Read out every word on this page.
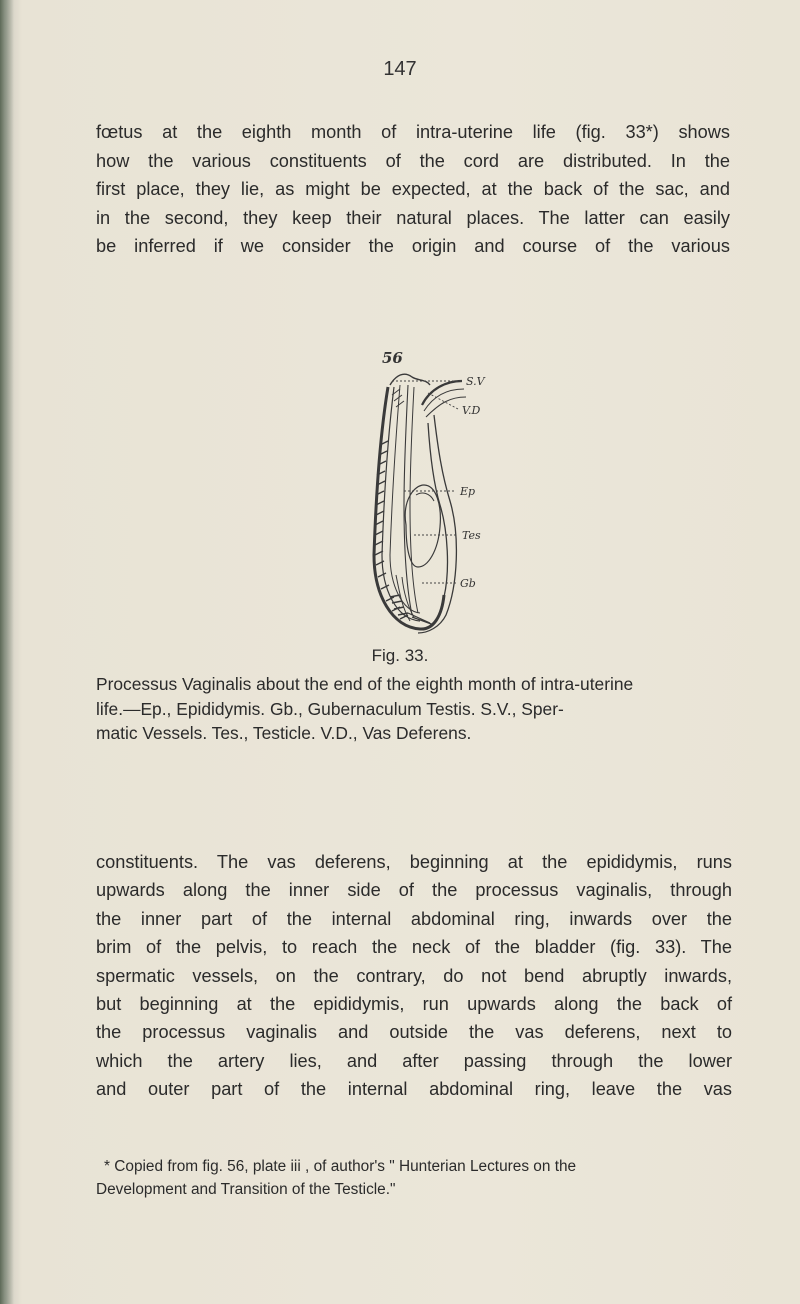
147
fœtus at the eighth month of intra-uterine life (fig. 33*) shows
how the various constituents of the cord are distributed. In the
first place, they lie, as might be expected, at the back of the sac, and
in the second, they keep their natural places. The latter can easily
be inferred if we consider the origin and course of the various
56
S.V
V.D
Ep
Tes
Gb
Fig. 33.
Processus Vaginalis about the end of the eighth month of intra-uterine
life.—Ep., Epididymis. Gb., Gubernaculum Testis. S.V., Sper-
matic Vessels. Tes., Testicle. V.D., Vas Deferens.
constituents. The vas deferens, beginning at the epididymis, runs
upwards along the inner side of the processus vaginalis, through
the inner part of the internal abdominal ring, inwards over the
brim of the pelvis, to reach the neck of the bladder (fig. 33). The
spermatic vessels, on the contrary, do not bend abruptly inwards,
but beginning at the epididymis, run upwards along the back of
the processus vaginalis and outside the vas deferens, next to
which the artery lies, and after passing through the lower
and outer part of the internal abdominal ring, leave the vas
* Copied from fig. 56, plate iii , of author's " Hunterian Lectures on the
Development and Transition of the Testicle."
